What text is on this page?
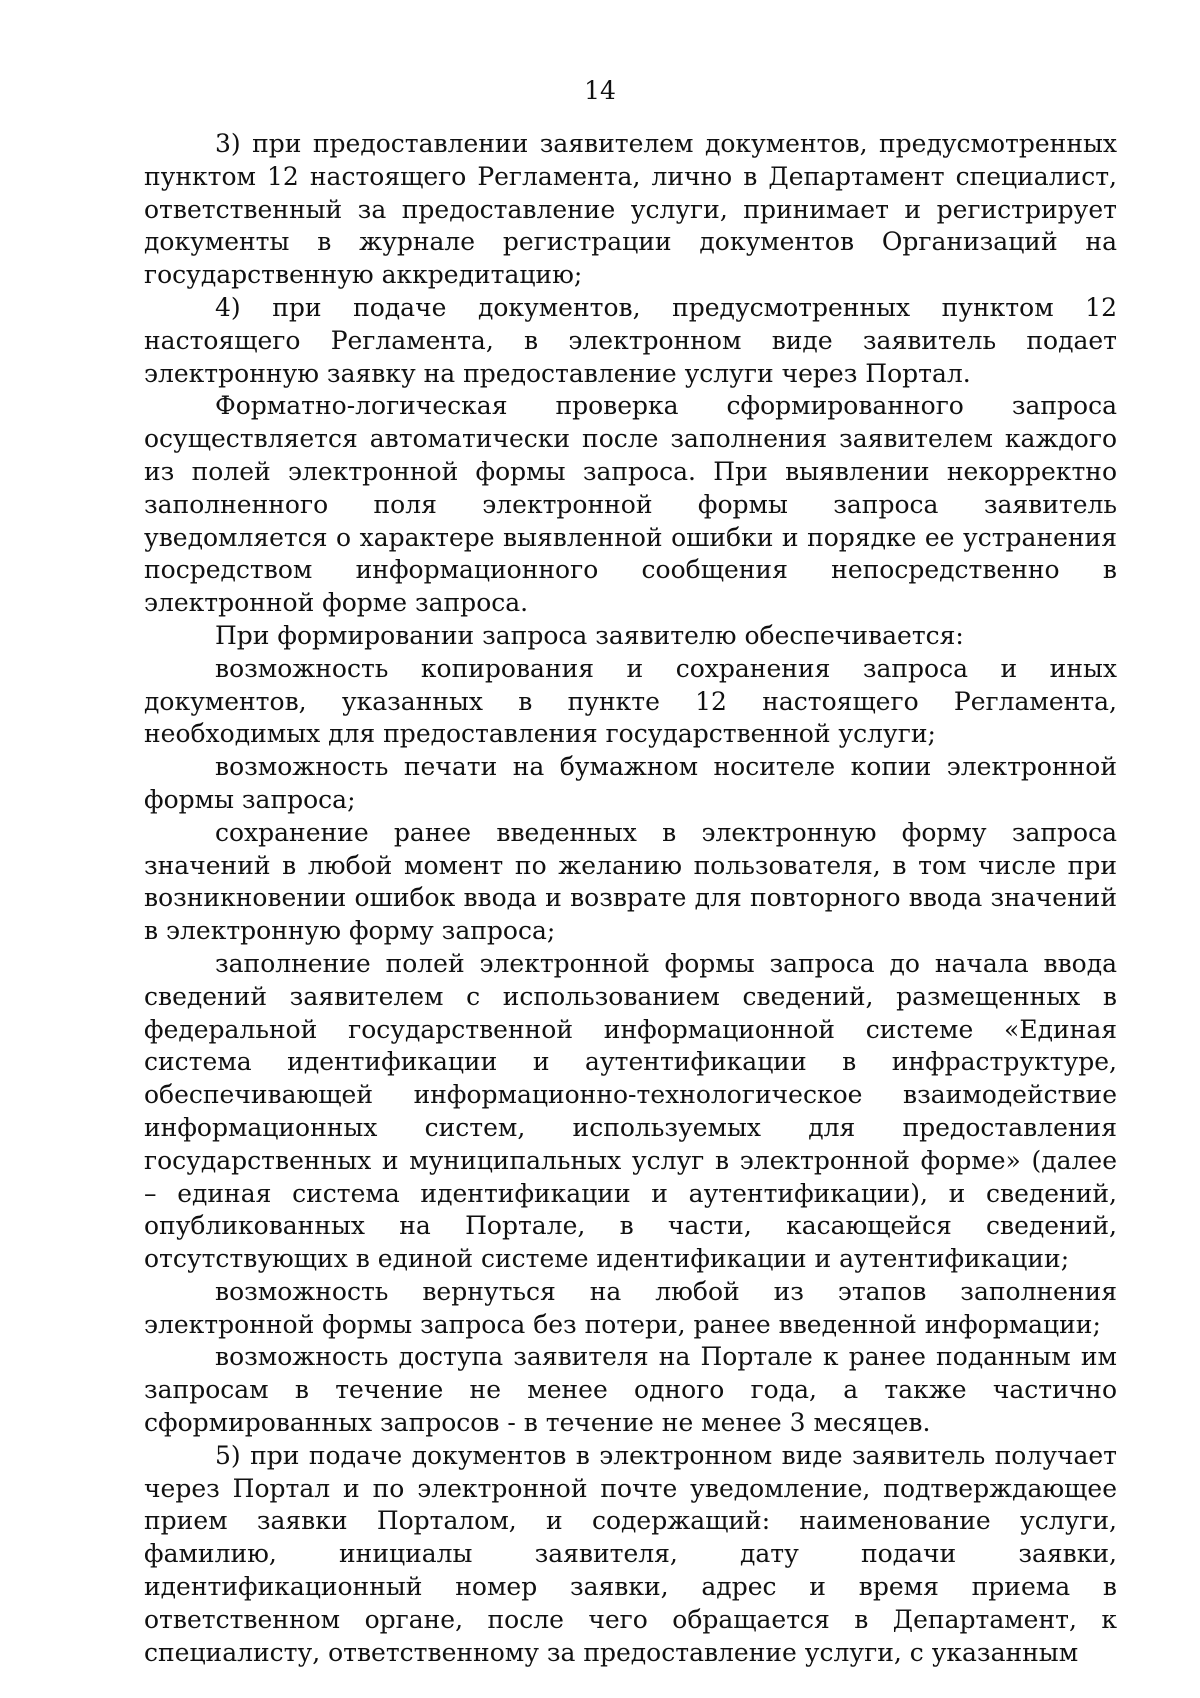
14

3) при предоставлении заявителем документов, предусмотренных пунктом 12 настоящего Регламента, лично в Департамент специалист, ответственный за предоставление услуги, принимает и регистрирует документы в журнале регистрации документов Организаций на государственную аккредитацию;

4) при подаче документов, предусмотренных пунктом 12 настоящего Регламента, в электронном виде заявитель подает электронную заявку на предоставление услуги через Портал.

Форматно-логическая проверка сформированного запроса осуществляется автоматически после заполнения заявителем каждого из полей электронной формы запроса. При выявлении некорректно заполненного поля электронной формы запроса заявитель уведомляется о характере выявленной ошибки и порядке ее устранения посредством информационного сообщения непосредственно в электронной форме запроса.

При формировании запроса заявителю обеспечивается:

возможность копирования и сохранения запроса и иных документов, указанных в пункте 12 настоящего Регламента, необходимых для предоставления государственной услуги;

возможность печати на бумажном носителе копии электронной формы запроса;

сохранение ранее введенных в электронную форму запроса значений в любой момент по желанию пользователя, в том числе при возникновении ошибок ввода и возврате для повторного ввода значений в электронную форму запроса;

заполнение полей электронной формы запроса до начала ввода сведений заявителем с использованием сведений, размещенных в федеральной государственной информационной системе «Единая система идентификации и аутентификации в инфраструктуре, обеспечивающей информационно-технологическое взаимодействие информационных систем, используемых для предоставления государственных и муниципальных услуг в электронной форме» (далее – единая система идентификации и аутентификации), и сведений, опубликованных на Портале, в части, касающейся сведений, отсутствующих в единой системе идентификации и аутентификации;

возможность вернуться на любой из этапов заполнения электронной формы запроса без потери, ранее введенной информации;

возможность доступа заявителя на Портале к ранее поданным им запросам в течение не менее одного года, а также частично сформированных запросов - в течение не менее 3 месяцев.

5) при подаче документов в электронном виде заявитель получает через Портал и по электронной почте уведомление, подтверждающее прием заявки Порталом, и содержащий: наименование услуги, фамилию, инициалы заявителя, дату подачи заявки, идентификационный номер заявки, адрес и время приема в ответственном органе, после чего обращается в Департамент, к специалисту, ответственному за предоставление услуги, с указанным
